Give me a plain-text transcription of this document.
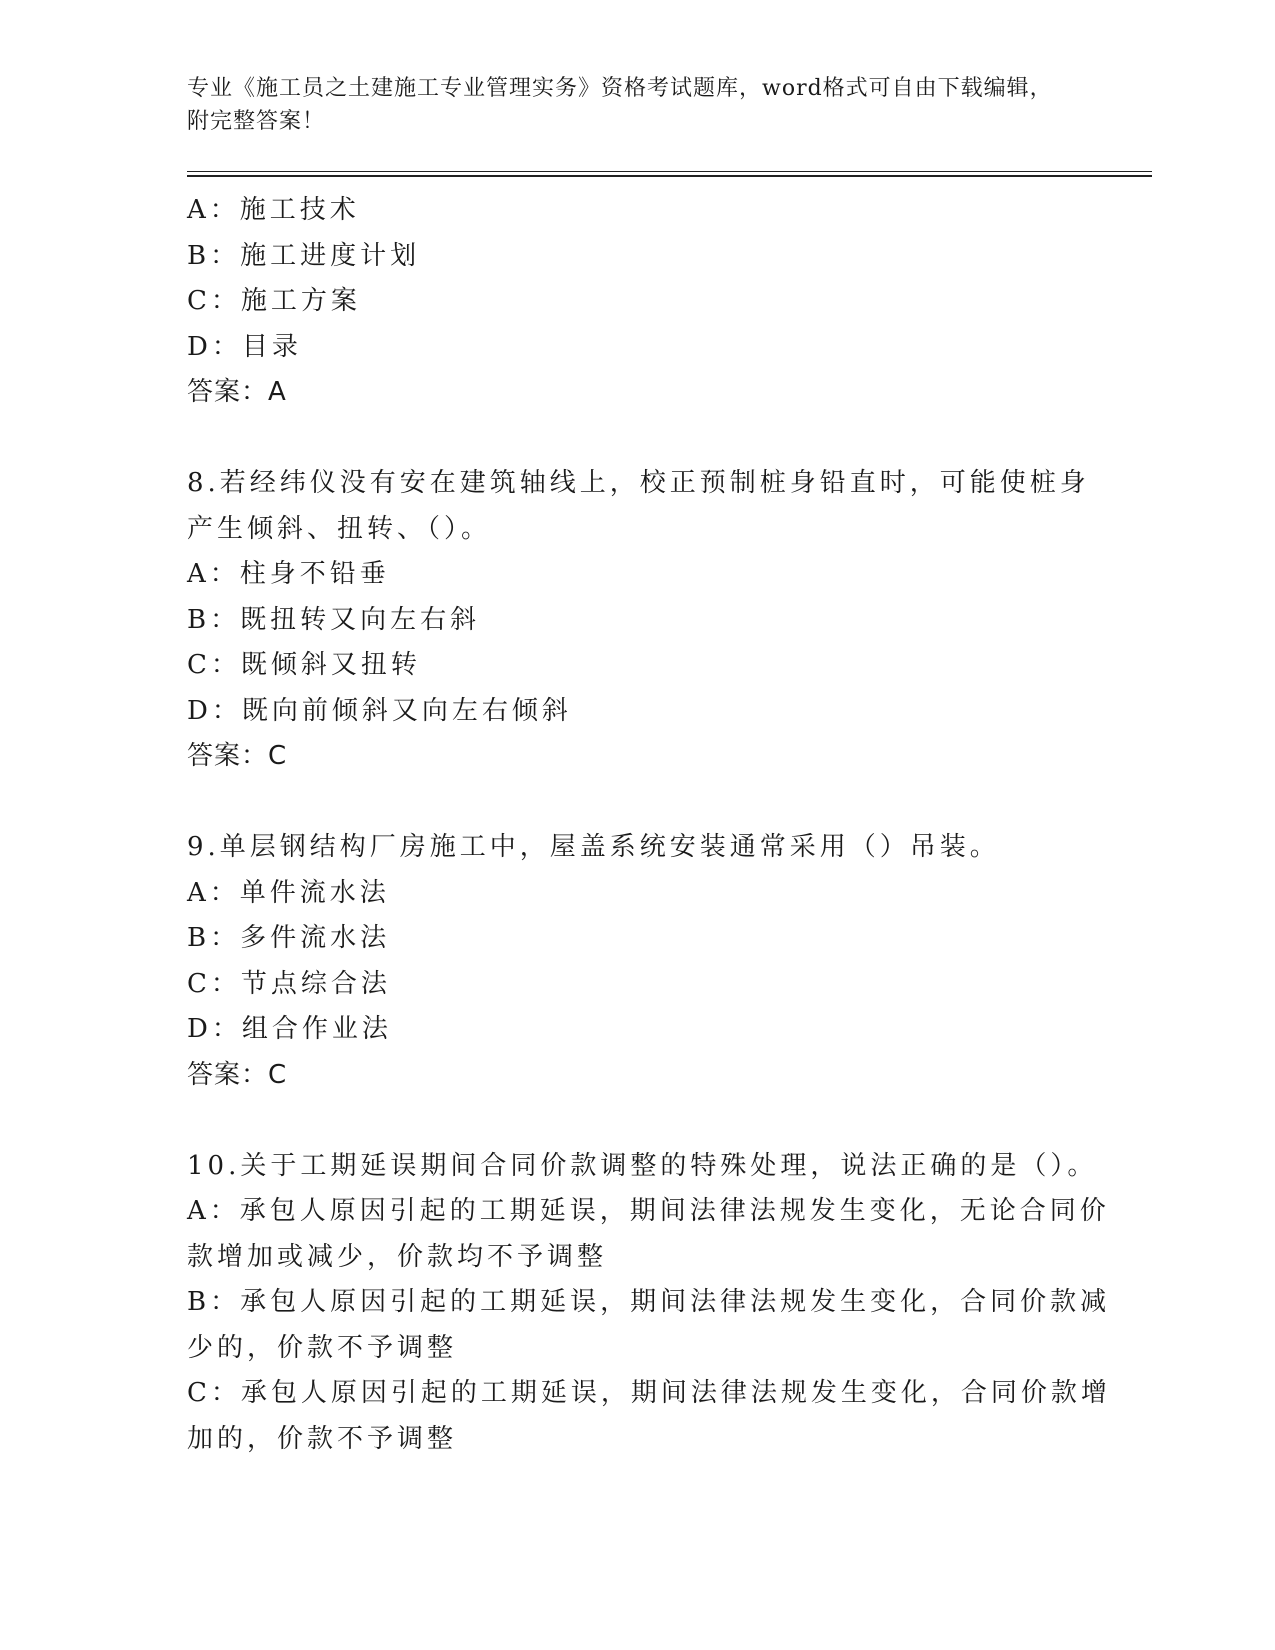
专业《施工员之土建施工专业管理实务》资格考试题库，word格式可自由下载编辑，附完整答案！
A：施工技术
B：施工进度计划
C：施工方案
D：目录
答案：A
8.若经纬仪没有安在建筑轴线上，校正预制桩身铅直时，可能使桩身
产生倾斜、扭转、（）。
A：柱身不铅垂
B：既扭转又向左右斜
C：既倾斜又扭转
D：既向前倾斜又向左右倾斜
答案：C
9.单层钢结构厂房施工中，屋盖系统安装通常采用（）吊装。
A：单件流水法
B：多件流水法
C：节点综合法
D：组合作业法
答案：C
10.关于工期延误期间合同价款调整的特殊处理，说法正确的是（）。
A：承包人原因引起的工期延误，期间法律法规发生变化，无论合同价
款增加或减少，价款均不予调整
B：承包人原因引起的工期延误，期间法律法规发生变化，合同价款减
少的，价款不予调整
C：承包人原因引起的工期延误，期间法律法规发生变化，合同价款增
加的，价款不予调整
